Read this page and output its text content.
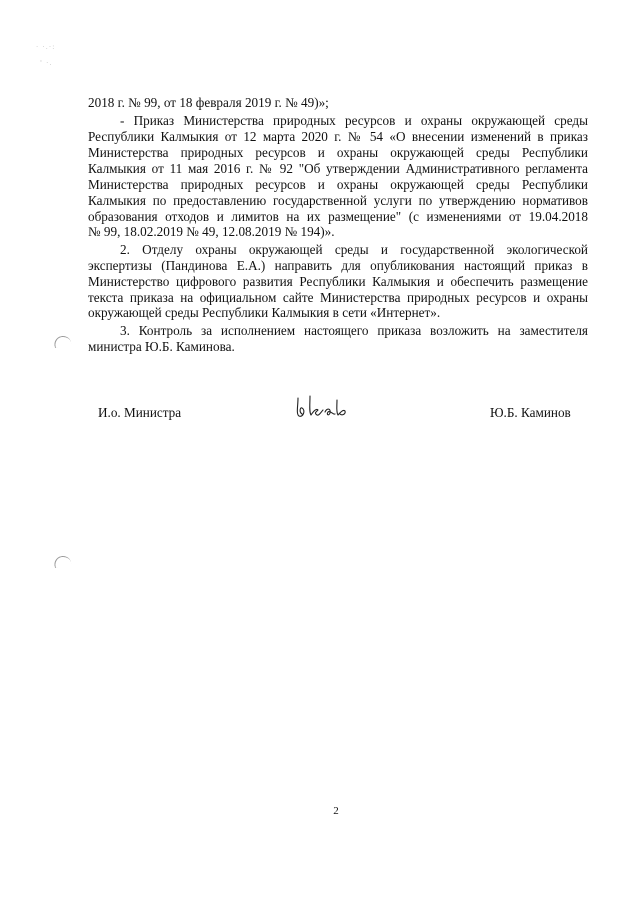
· ·.·:
' ·.
2018 г. № 99, от 18 февраля 2019 г. № 49)»;
- Приказ Министерства природных ресурсов и охраны окружающей среды
Республики Калмыкия от 12 марта 2020 г. № 54 «О внесении изменений в приказ
Министерства природных ресурсов и охраны окружающей среды Республики
Калмыкия от 11 мая 2016 г. № 92 "Об утверждении Административного регламента
Министерства природных ресурсов и охраны окружающей среды Республики
Калмыкия по предоставлению государственной услуги по утверждению нормативов
образования отходов и лимитов на их размещение" (с изменениями от 19.04.2018
№ 99, 18.02.2019 № 49, 12.08.2019 № 194)».
2. Отделу охраны окружающей среды и государственной экологической
экспертизы (Пандинова Е.А.) направить для опубликования настоящий приказ в
Министерство цифрового развития Республики Калмыкия и обеспечить размещение
текста приказа на официальном сайте Министерства природных ресурсов и охраны
окружающей среды Республики Калмыкия в сети «Интернет».
3. Контроль за исполнением настоящего приказа возложить на заместителя
министра Ю.Б. Каминова.
И.о. Министра	Ю.Б. Каминов
2
